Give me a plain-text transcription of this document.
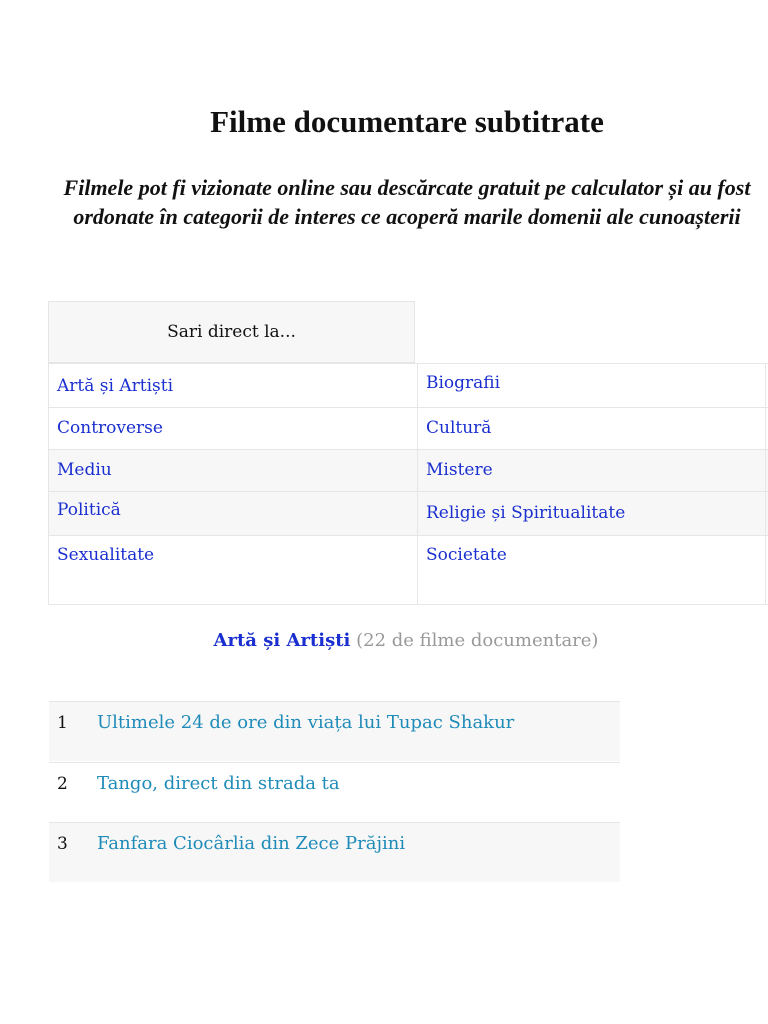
Filme documentare subtitrate
Filmele pot fi vizionate online sau descărcate gratuit pe calculator și au fost ordonate în categorii de interes ce acoperă marile domenii ale cunoașterii
Sari direct la...
Artă și Artiști	Biografii
Controverse	Cultură
Mediu	Mistere
Politică	Religie și Spiritualitate
Sexualitate	Societate
Artă și Artiști (22 de filme documentare)
1 Ultimele 24 de ore din viața lui Tupac Shakur
2 Tango, direct din strada ta
3 Fanfara Ciocârlia din Zece Prăjini
